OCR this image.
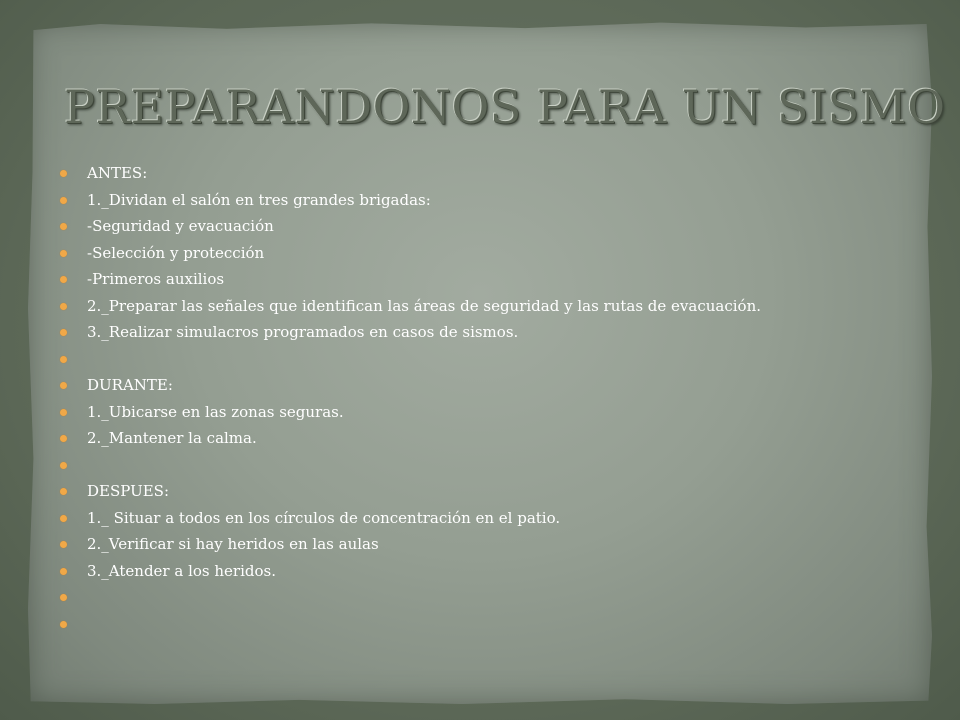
PREPARANDONOS PARA UN SISMO
ANTES:
1._Dividan el salón en tres grandes brigadas:
-Seguridad y evacuación
-Selección y protección
-Primeros auxilios
2._Preparar las señales que identifican las áreas de seguridad y las rutas de evacuación.
3._Realizar simulacros programados en casos de sismos.
DURANTE:
1._Ubicarse en las zonas seguras.
2._Mantener la calma.
DESPUES:
1._ Situar a todos en los círculos de concentración en el patio.
2._Verificar si hay heridos en las aulas
3._Atender a los heridos.
